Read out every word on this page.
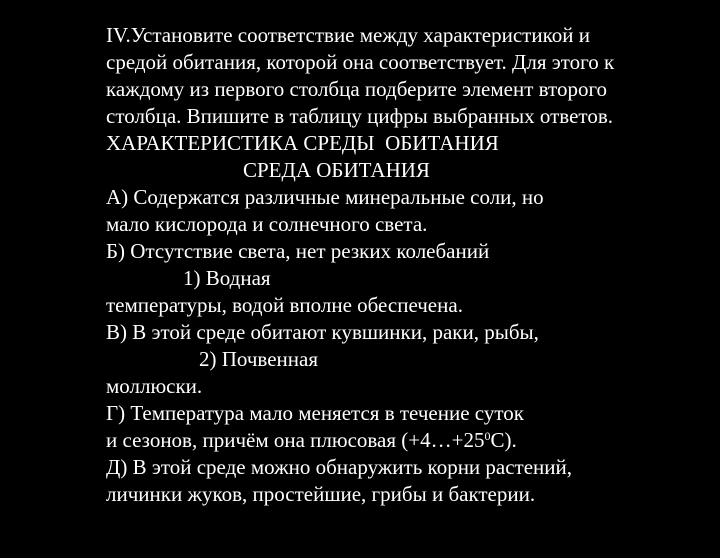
IV.Установите соответствие между характеристикой и
средой обитания, которой она соответствует. Для этого к
каждому из первого столбца подберите элемент второго
столбца. Впишите в таблицу цифры выбранных ответов.
ХАРАКТЕРИСТИКА СРЕДЫ  ОБИТАНИЯ
СРЕДА ОБИТАНИЯ
А) Содержатся различные минеральные соли, но
мало кислорода и солнечного света.
Б) Отсутствие света, нет резких колебаний
1) Водная
температуры, водой вполне обеспечена.
В) В этой среде обитают кувшинки, раки, рыбы,
2) Почвенная
моллюски.
Г) Температура мало меняется в течение суток
и сезонов, причём она плюсовая $(+4\dots+25^0С)$.
Д) В этой среде можно обнаружить корни растений,
личинки жуков, простейшие, грибы и бактерии.
